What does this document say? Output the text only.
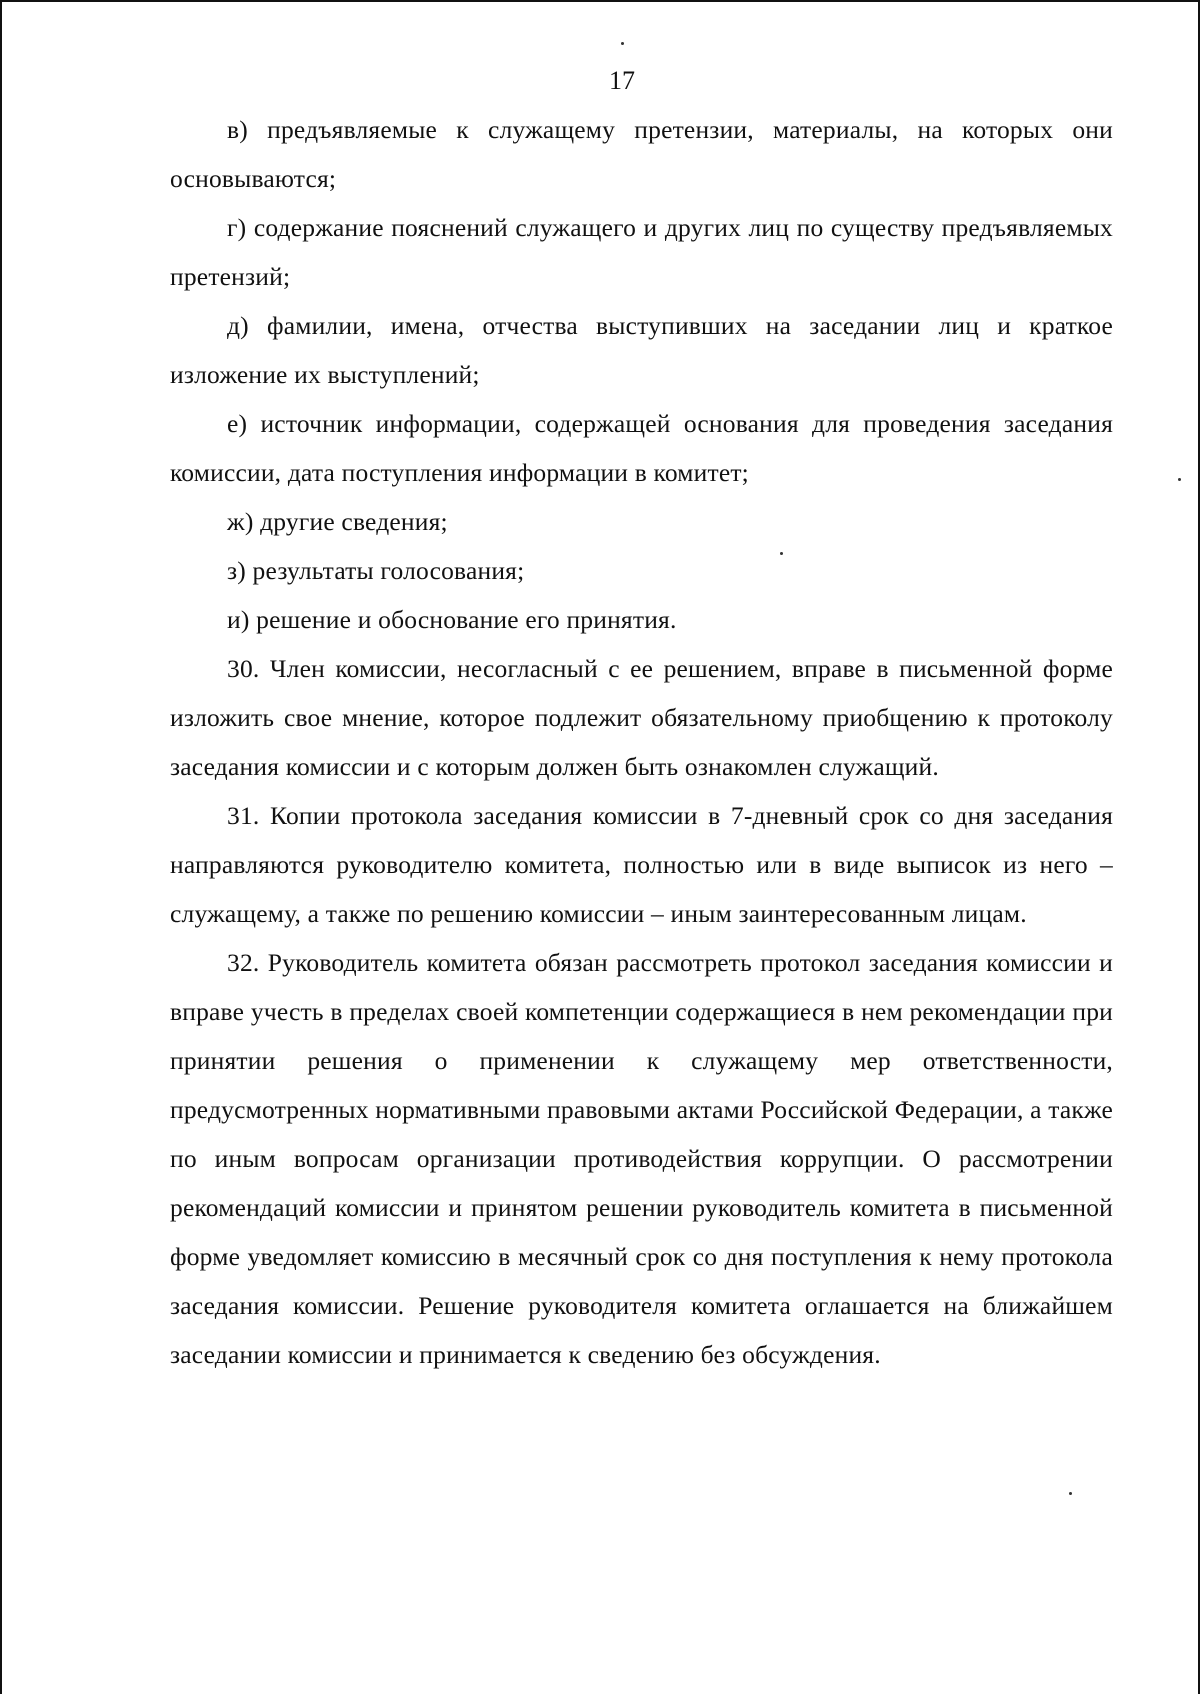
17

в) предъявляемые к служащему претензии, материалы, на которых они основываются;

г) содержание пояснений служащего и других лиц по существу предъявляемых претензий;

д) фамилии, имена, отчества выступивших на заседании лиц и краткое изложение их выступлений;

е) источник информации, содержащей основания для проведения заседания комиссии, дата поступления информации в комитет;

ж) другие сведения;

з) результаты голосования;

и) решение и обоснование его принятия.

30. Член комиссии, несогласный с ее решением, вправе в письменной форме изложить свое мнение, которое подлежит обязательному приобщению к протоколу заседания комиссии и с которым должен быть ознакомлен служащий.

31. Копии протокола заседания комиссии в 7-дневный срок со дня заседания направляются руководителю комитета, полностью или в виде выписок из него – служащему, а также по решению комиссии – иным заинтересованным лицам.

32. Руководитель комитета обязан рассмотреть протокол заседания комиссии и вправе учесть в пределах своей компетенции содержащиеся в нем рекомендации при принятии решения о применении к служащему мер ответственности, предусмотренных нормативными правовыми актами Российской Федерации, а также по иным вопросам организации противодействия коррупции. О рассмотрении рекомендаций комиссии и принятом решении руководитель комитета в письменной форме уведомляет комиссию в месячный срок со дня поступления к нему протокола заседания комиссии. Решение руководителя комитета оглашается на ближайшем заседании комиссии и принимается к сведению без обсуждения.
